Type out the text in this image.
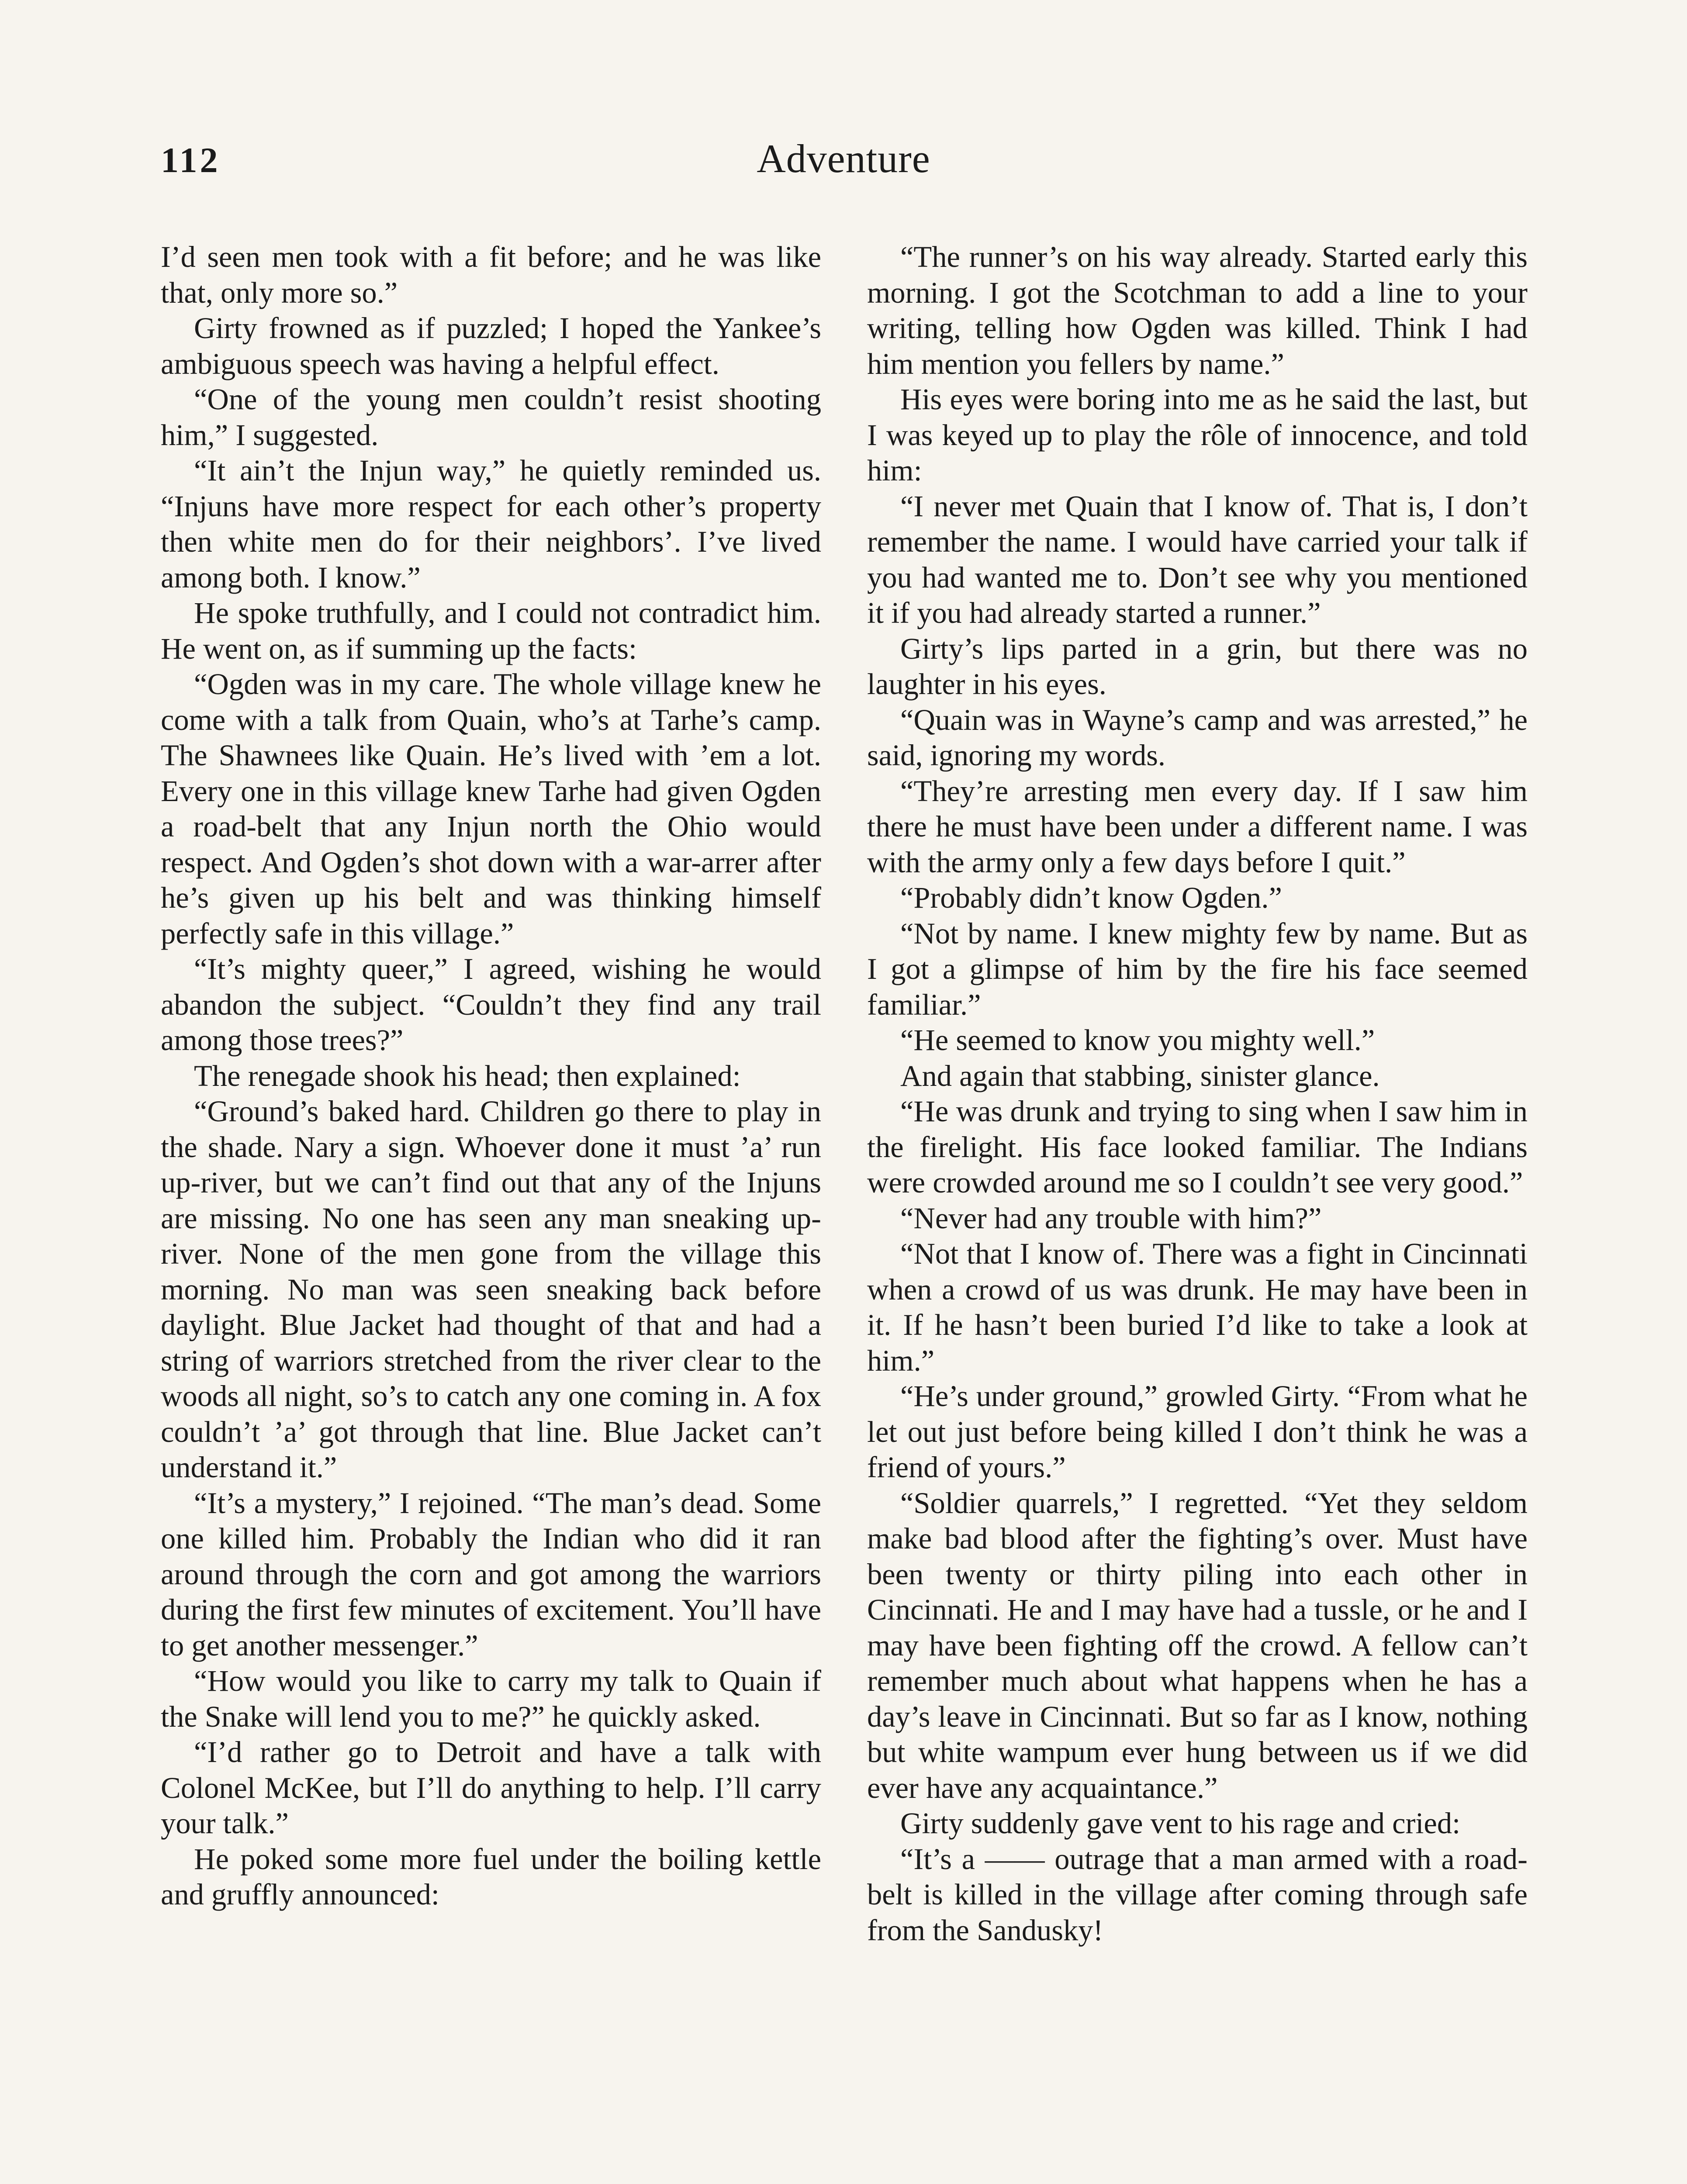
112	Adventure

I’d seen men took with a fit before; and he was like that, only more so.”

Girty frowned as if puzzled; I hoped the Yankee’s ambiguous speech was having a helpful effect.

“One of the young men couldn’t resist shooting him,” I suggested.

“It ain’t the Injun way,” he quietly reminded us. “Injuns have more respect for each other’s property then white men do for their neighbors’. I’ve lived among both. I know.”

He spoke truthfully, and I could not contradict him. He went on, as if summing up the facts:

“Ogden was in my care. The whole village knew he come with a talk from Quain, who’s at Tarhe’s camp. The Shawnees like Quain. He’s lived with ’em a lot. Every one in this village knew Tarhe had given Ogden a road-belt that any Injun north the Ohio would respect. And Ogden’s shot down with a war-arrer after he’s given up his belt and was thinking himself perfectly safe in this village.”

“It’s mighty queer,” I agreed, wishing he would abandon the subject. “Couldn’t they find any trail among those trees?”

The renegade shook his head; then explained:

“Ground’s baked hard. Children go there to play in the shade. Nary a sign. Whoever done it must ’a’ run up-river, but we can’t find out that any of the Injuns are missing. No one has seen any man sneaking up-river. None of the men gone from the village this morning. No man was seen sneaking back before daylight. Blue Jacket had thought of that and had a string of warriors stretched from the river clear to the woods all night, so’s to catch any one coming in. A fox couldn’t ’a’ got through that line. Blue Jacket can’t understand it.”

“It’s a mystery,” I rejoined. “The man’s dead. Some one killed him. Probably the Indian who did it ran around through the corn and got among the warriors during the first few minutes of excitement. You’ll have to get another messenger.”

“How would you like to carry my talk to Quain if the Snake will lend you to me?” he quickly asked.

“I’d rather go to Detroit and have a talk with Colonel McKee, but I’ll do anything to help. I’ll carry your talk.”

He poked some more fuel under the boiling kettle and gruffly announced:

“The runner’s on his way already. Started early this morning. I got the Scotchman to add a line to your writing, telling how Ogden was killed. Think I had him mention you fellers by name.”

His eyes were boring into me as he said the last, but I was keyed up to play the rôle of innocence, and told him:

“I never met Quain that I know of. That is, I don’t remember the name. I would have carried your talk if you had wanted me to. Don’t see why you mentioned it if you had already started a runner.”

Girty’s lips parted in a grin, but there was no laughter in his eyes.

“Quain was in Wayne’s camp and was arrested,” he said, ignoring my words.

“They’re arresting men every day. If I saw him there he must have been under a different name. I was with the army only a few days before I quit.”

“Probably didn’t know Ogden.”

“Not by name. I knew mighty few by name. But as I got a glimpse of him by the fire his face seemed familiar.”

“He seemed to know you mighty well.”

And again that stabbing, sinister glance.

“He was drunk and trying to sing when I saw him in the firelight. His face looked familiar. The Indians were crowded around me so I couldn’t see very good.”

“Never had any trouble with him?”

“Not that I know of. There was a fight in Cincinnati when a crowd of us was drunk. He may have been in it. If he hasn’t been buried I’d like to take a look at him.”

“He’s under ground,” growled Girty. “From what he let out just before being killed I don’t think he was a friend of yours.”

“Soldier quarrels,” I regretted. “Yet they seldom make bad blood after the fighting’s over. Must have been twenty or thirty piling into each other in Cincinnati. He and I may have had a tussle, or he and I may have been fighting off the crowd. A fellow can’t remember much about what happens when he has a day’s leave in Cincinnati. But so far as I know, nothing but white wampum ever hung between us if we did ever have any acquaintance.”

Girty suddenly gave vent to his rage and cried:

“It’s a —— outrage that a man armed with a road-belt is killed in the village after coming through safe from the Sandusky!
